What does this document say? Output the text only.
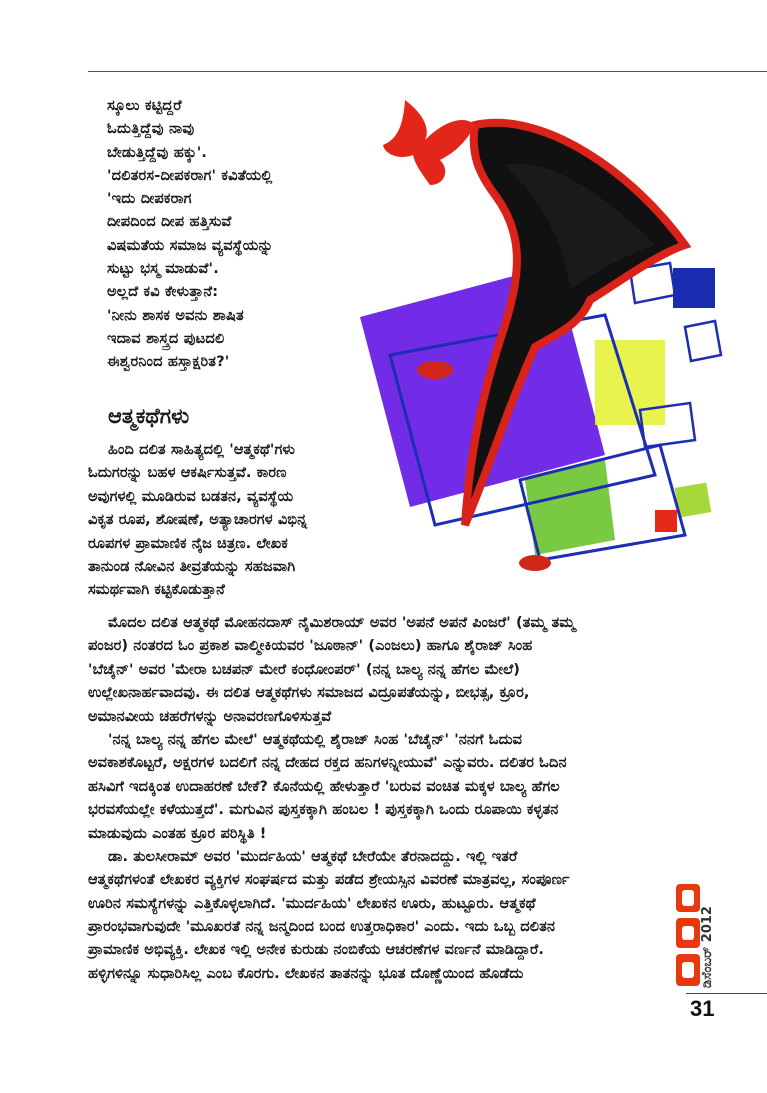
ಸ್ಕೂಲು ಕಟ್ಟಿದ್ದರೆ
ಓದುತ್ತಿದ್ದೆವು ನಾವು
ಬೇಡುತ್ತಿದ್ದೆವು ಹಕ್ಕು'.
'ದಲಿತರಸ-ದೀಪಕರಾಗ' ಕವಿತೆಯಲ್ಲಿ
'ಇದು ದೀಪಕರಾಗ
ದೀಪದಿಂದ ದೀಪ ಹತ್ತಿಸುವೆ
ವಿಷಮತೆಯ ಸಮಾಜ ವ್ಯವಸ್ಥೆಯನ್ನು
ಸುಟ್ಟು ಭಸ್ಮ ಮಾಡುವೆ'.
ಅಲ್ಲದೆ ಕವಿ ಕೇಳುತ್ತಾನೆ:
'ನೀನು ಶಾಸಕ ಅವನು ಶಾಷಿತ
ಇದಾವ ಶಾಸ್ತ್ರದ ಪುಟದಲಿ
ಈಶ್ವರನಿಂದ ಹಸ್ತಾಕ್ಷರಿತ?'
ಆತ್ಮಕಥೆಗಳು
ಹಿಂದಿ ದಲಿತ ಸಾಹಿತ್ಯದಲ್ಲಿ 'ಆತ್ಮಕಥೆ'ಗಳು
ಓದುಗರನ್ನು ಬಹಳ ಆಕರ್ಷಿಸುತ್ತವೆ. ಕಾರಣ
ಅವುಗಳಲ್ಲಿ ಮೂಡಿರುವ ಬಡತನ, ವ್ಯವಸ್ಥೆಯ
ವಿಕೃತ ರೂಪ, ಶೋಷಣೆ, ಅತ್ಯಾಚಾರಗಳ ವಿಭಿನ್ನ
ರೂಪಗಳ ಪ್ರಾಮಾಣಿಕ ನೈಜ ಚಿತ್ರಣ. ಲೇಖಕ
ತಾನುಂಡ ನೋವಿನ ತೀವ್ರತೆಯನ್ನು ಸಹಜವಾಗಿ
ಸಮರ್ಥವಾಗಿ ಕಟ್ಟಿಕೊಡುತ್ತಾನೆ
ಮೊದಲ ದಲಿತ ಆತ್ಮಕಥೆ ಮೋಹನದಾಸ್ ನೈಮಿಶರಾಯ್ ಅವರ 'ಅಪನೆ ಅಪನೆ ಪಿಂಜರೆ' (ತಮ್ಮ ತಮ್ಮ
ಪಂಜರ) ನಂತರದ ಓಂ ಪ್ರಕಾಶ ವಾಲ್ಮೀಕಿಯವರ 'ಜೂಠಾನ್' (ಎಂಜಲು) ಹಾಗೂ ಶೈರಾಜ್ ಸಿಂಹ
'ಬೆಚೈನ್' ಅವರ 'ಮೇರಾ ಬಚಪನ್ ಮೇರೆ ಕಂಧೋಂಪರ್' (ನನ್ನ ಬಾಲ್ಯ ನನ್ನ ಹೆಗಲ ಮೇಲೆ)
ಉಲ್ಲೇಖನಾರ್ಹವಾದವು. ಈ ದಲಿತ ಆತ್ಮಕಥೆಗಳು ಸಮಾಜದ ವಿದ್ರೂಪತೆಯನ್ನು, ಬೀಭತ್ಸ, ಕ್ರೂರ,
ಅಮಾನವೀಯ ಚಹರೆಗಳನ್ನು ಅನಾವರಣಗೊಳಿಸುತ್ತವೆ
'ನನ್ನ ಬಾಲ್ಯ ನನ್ನ ಹೆಗಲ ಮೇಲೆ' ಆತ್ಮಕಥೆಯಲ್ಲಿ ಶೈರಾಜ್ ಸಿಂಹ 'ಬೆಚೈನ್' 'ನನಗೆ ಓದುವ
ಅವಕಾಶಕೊಟ್ಟರೆ, ಅಕ್ಷರಗಳ ಬದಲಿಗೆ ನನ್ನ ದೇಹದ ರಕ್ತದ ಹನಿಗಳನ್ನೀಯುವೆ' ಎನ್ನುವರು. ದಲಿತರ ಓದಿನ
ಹಸಿವಿಗೆ ಇದಕ್ಕಿಂತ ಉದಾಹರಣೆ ಬೇಕೆ? ಕೊನೆಯಲ್ಲಿ ಹೇಳುತ್ತಾರೆ 'ಬರುವ ವಂಚಿತ ಮಕ್ಕಳ ಬಾಲ್ಯ ಹೆಗಲ
ಭರವಸೆಯಲ್ಲೇ ಕಳೆಯುತ್ತದೆ'. ಮಗುವಿನ ಪುಸ್ತಕಕ್ಕಾಗಿ ಹಂಬಲ ! ಪುಸ್ತಕಕ್ಕಾಗಿ ಒಂದು ರೂಪಾಯಿ ಕಳ್ಳತನ
ಮಾಡುವುದು ಎಂತಹ ಕ್ರೂರ ಪರಿಸ್ಥಿತಿ !
ಡಾ. ತುಲಸೀರಾಮ್ ಅವರ 'ಮುರ್ದಹಿಯ' ಆತ್ಮಕಥೆ ಬೇರೆಯೇ ತೆರನಾದದ್ದು. ಇಲ್ಲಿ ಇತರೆ
ಆತ್ಮಕಥೆಗಳಂತೆ ಲೇಖಕರ ವ್ಯಕ್ತಿಗಳ ಸಂಘರ್ಷದ ಮತ್ತು ಪಡೆದ ಶ್ರೇಯಸ್ಸಿನ ವಿವರಣೆ ಮಾತ್ರವಲ್ಲ, ಸಂಪೂರ್ಣ
ಊರಿನ ಸಮಸ್ಯೆಗಳನ್ನು ಎತ್ತಿಕೊಳ್ಳಲಾಗಿದೆ. 'ಮುರ್ದಹಿಯ' ಲೇಖಕನ ಊರು, ಹುಟ್ಟೂರು. ಆತ್ಮಕಥೆ
ಪ್ರಾರಂಭವಾಗುವುದೇ 'ಮೂಖರತೆ ನನ್ನ ಜನ್ಮದಿಂದ ಬಂದ ಉತ್ತರಾಧಿಕಾರ' ಎಂದು. ಇದು ಒಬ್ಬ ದಲಿತನ
ಪ್ರಾಮಾಣಿಕ ಅಭಿವ್ಯಕ್ತಿ. ಲೇಖಕ ಇಲ್ಲಿ ಅನೇಕ ಕುರುಡು ನಂಬಿಕೆಯ ಆಚರಣೆಗಳ ವರ್ಣನೆ ಮಾಡಿದ್ದಾರೆ.
ಹಳ್ಳಿಗಳಿನ್ನೂ ಸುಧಾರಿಸಿಲ್ಲ ಎಂಬ ಕೊರಗು. ಲೇಖಕನ ತಾತನನ್ನು ಭೂತ ದೊಣ್ಣೆಯಿಂದ ಹೊಡೆದು	ಡಿಸೆಂಬರ್ 2012
31
